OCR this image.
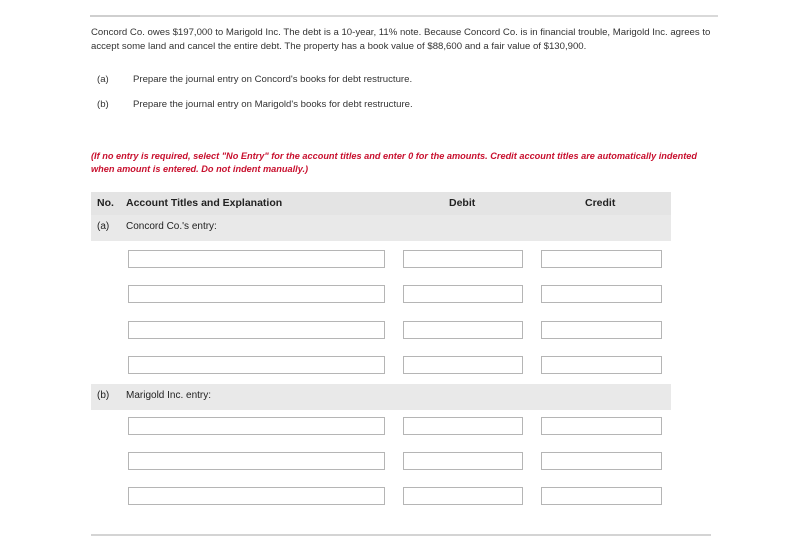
Concord Co. owes $197,000 to Marigold Inc. The debt is a 10-year, 11% note. Because Concord Co. is in financial trouble, Marigold Inc. agrees to accept some land and cancel the entire debt. The property has a book value of $88,600 and a fair value of $130,900.
(a)	Prepare the journal entry on Concord's books for debt restructure.
(b)	Prepare the journal entry on Marigold's books for debt restructure.
(If no entry is required, select "No Entry" for the account titles and enter 0 for the amounts. Credit account titles are automatically indented when amount is entered. Do not indent manually.)
No. Account Titles and Explanation	Debit	Credit
(a) Concord Co.'s entry:
(b) Marigold Inc. entry:
